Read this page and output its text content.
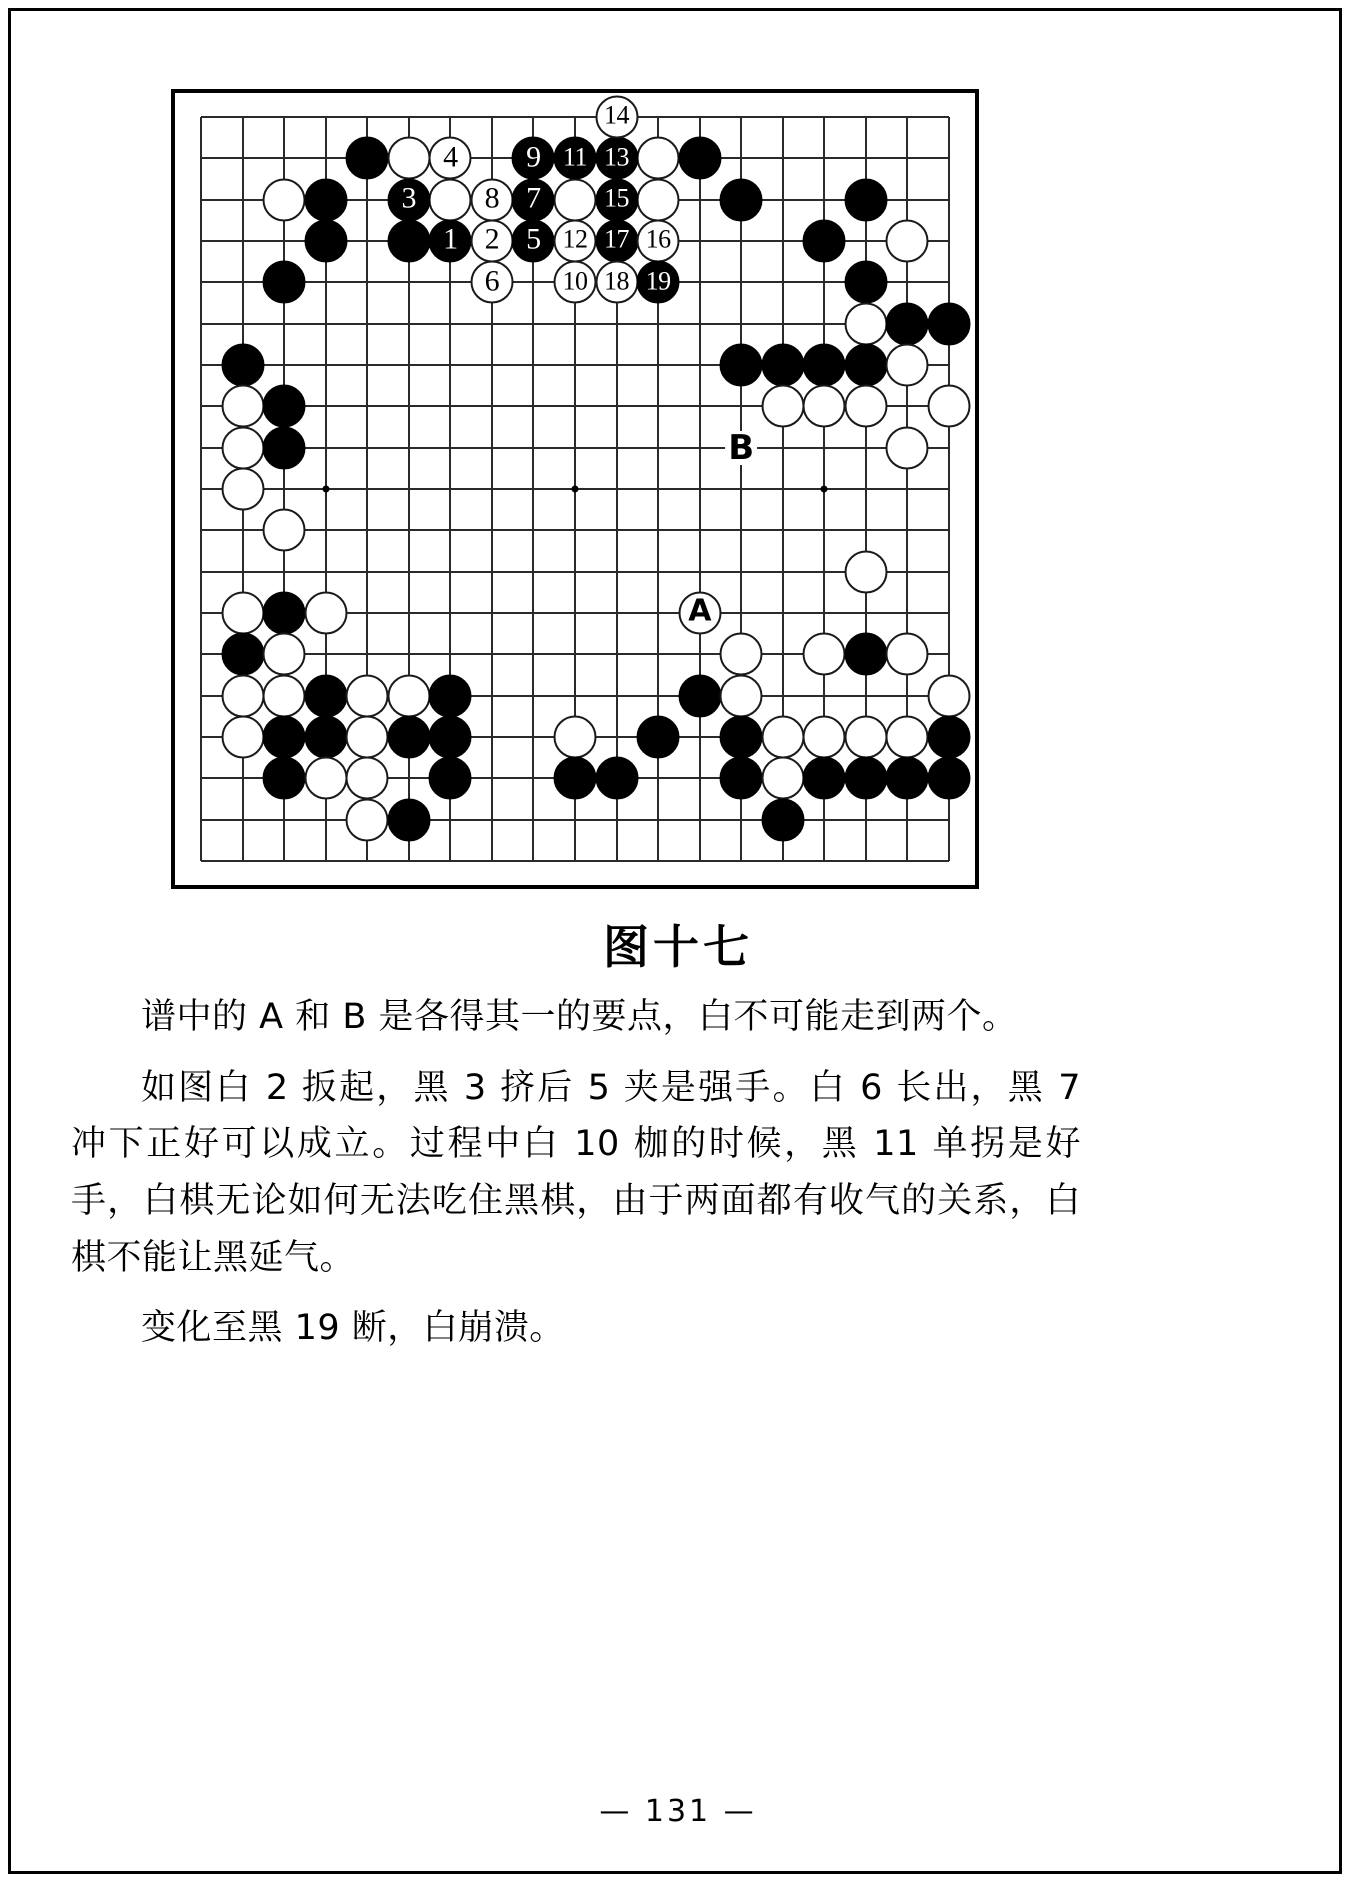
4 9 11 13
14
3 8 7 15
1 2 5 12 17 16
6 10 18 19
A
B
图十七

谱中的 A 和 B 是各得其一的要点，白不可能走到两个。

如图白 2 扳起，黑 3 挤后 5 夹是强手。白 6 长出，黑 7 冲下正好可以成立。过程中白 10 枷的时候，黑 11 单拐是好手，白棋无论如何无法吃住黑棋，由于两面都有收气的关系，白棋不能让黑延气。

变化至黑 19 断，白崩溃。

— 131 —
